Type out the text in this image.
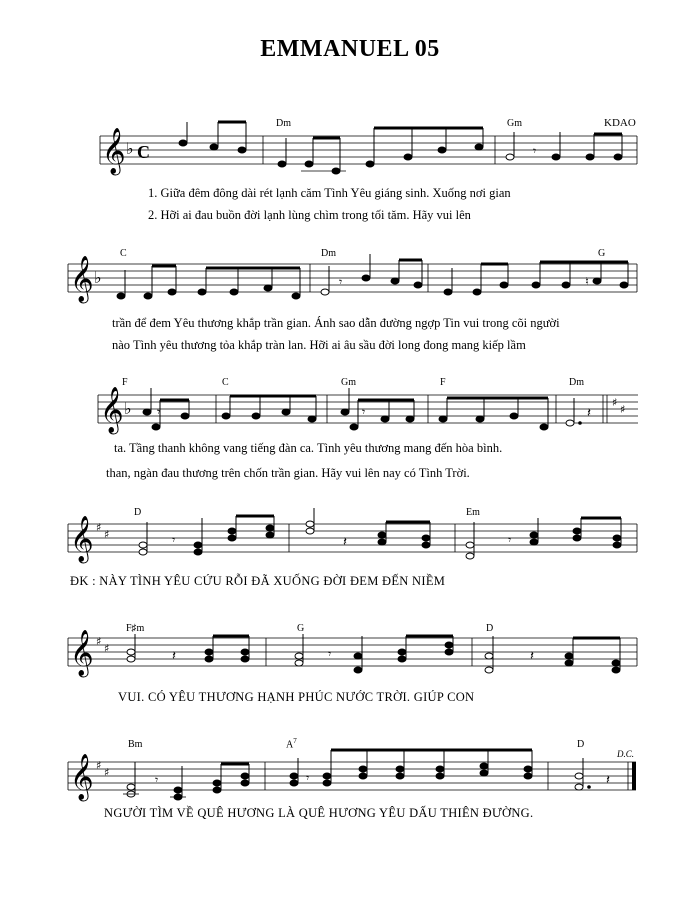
EMMANUEL 05
KDAO
Dm	Gm
𝄞 ♭ C	𝄾
1. Giữa đêm đông dài rét lạnh căm Tình Yêu giáng sinh. Xuống nơi gian
2. Hỡi ai đau buồn đời lạnh lùng chìm trong tối tăm. Hãy vui lên
C	Dm	G
𝄞 ♭	𝄾	♮
trần để đem Yêu thương khắp trần gian. Ánh sao dẫn đường ngợp Tin vui trong cõi người
nào Tình yêu thương tỏa khắp tràn lan. Hỡi ai âu sầu đời long đong mang kiếp lầm
F	C	Gm	F	Dm
𝄞 ♭	♯
♯
𝄾	𝄾	𝄽
ta. Tầng thanh không vang tiếng đàn ca. Tình yêu thương mang đến hòa bình.
than, ngàn đau thương trên chốn trần gian. Hãy vui lên nay có Tình Trời.
D	Em
𝄞 ♯
♯	𝄾	𝄽	𝄾
ĐK : NÀY TÌNH YÊU CỨU RỖI ĐÃ XUỐNG ĐỜI ĐEM ĐẾN NIỀM
F♯m	G	D
𝄞 ♯
♯
𝄽	𝄾	𝄽
VUI. CÓ YÊU THƯƠNG HẠNH PHÚC NƯỚC TRỜI. GIÚP CON
Bm	$A^7$	D
D.C.
𝄞 ♯
♯
𝄾	𝄾	𝄽
NGƯỜI TÌM VỀ QUÊ HƯƠNG LÀ QUÊ HƯƠNG YÊU DẤU THIÊN ĐƯỜNG.
